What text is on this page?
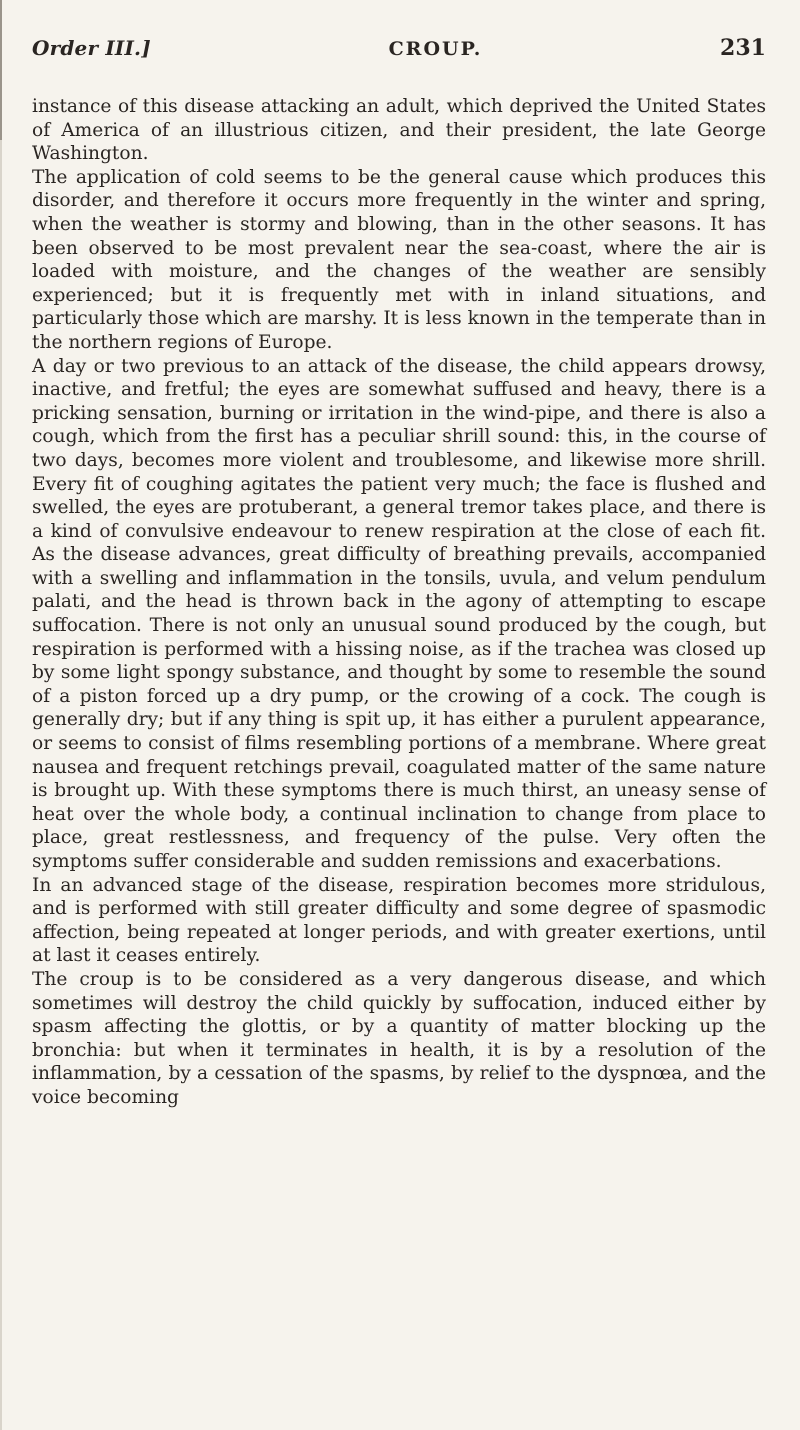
Order III.]	CROUP.	231

instance of this disease attacking an adult, which deprived the United States of America of an illustrious citizen, and their president, the late George Washington.

The application of cold seems to be the general cause which produces this disorder, and therefore it occurs more frequently in the winter and spring, when the weather is stormy and blowing, than in the other seasons. It has been observed to be most prevalent near the sea-coast, where the air is loaded with moisture, and the changes of the weather are sensibly experienced; but it is frequently met with in inland situations, and particularly those which are marshy. It is less known in the temperate than in the northern regions of Europe.

A day or two previous to an attack of the disease, the child appears drowsy, inactive, and fretful; the eyes are somewhat suffused and heavy, there is a pricking sensation, burning or irritation in the wind-pipe, and there is also a cough, which from the first has a peculiar shrill sound: this, in the course of two days, becomes more violent and troublesome, and likewise more shrill. Every fit of coughing agitates the patient very much; the face is flushed and swelled, the eyes are protuberant, a general tremor takes place, and there is a kind of convulsive endeavour to renew respiration at the close of each fit. As the disease advances, great difficulty of breathing prevails, accompanied with a swelling and inflammation in the tonsils, uvula, and velum pendulum palati, and the head is thrown back in the agony of attempting to escape suffocation. There is not only an unusual sound produced by the cough, but respiration is performed with a hissing noise, as if the trachea was closed up by some light spongy substance, and thought by some to resemble the sound of a piston forced up a dry pump, or the crowing of a cock. The cough is generally dry; but if any thing is spit up, it has either a purulent appearance, or seems to consist of films resembling portions of a membrane. Where great nausea and frequent retchings prevail, coagulated matter of the same nature is brought up. With these symptoms there is much thirst, an uneasy sense of heat over the whole body, a continual inclination to change from place to place, great restlessness, and frequency of the pulse. Very often the symptoms suffer considerable and sudden remissions and exacerbations.

In an advanced stage of the disease, respiration becomes more stridulous, and is performed with still greater difficulty and some degree of spasmodic affection, being repeated at longer periods, and with greater exertions, until at last it ceases entirely.

The croup is to be considered as a very dangerous disease, and which sometimes will destroy the child quickly by suffocation, induced either by spasm affecting the glottis, or by a quantity of matter blocking up the bronchia: but when it terminates in health, it is by a resolution of the inflammation, by a cessation of the spasms, by relief to the dyspnœa, and the voice becoming
